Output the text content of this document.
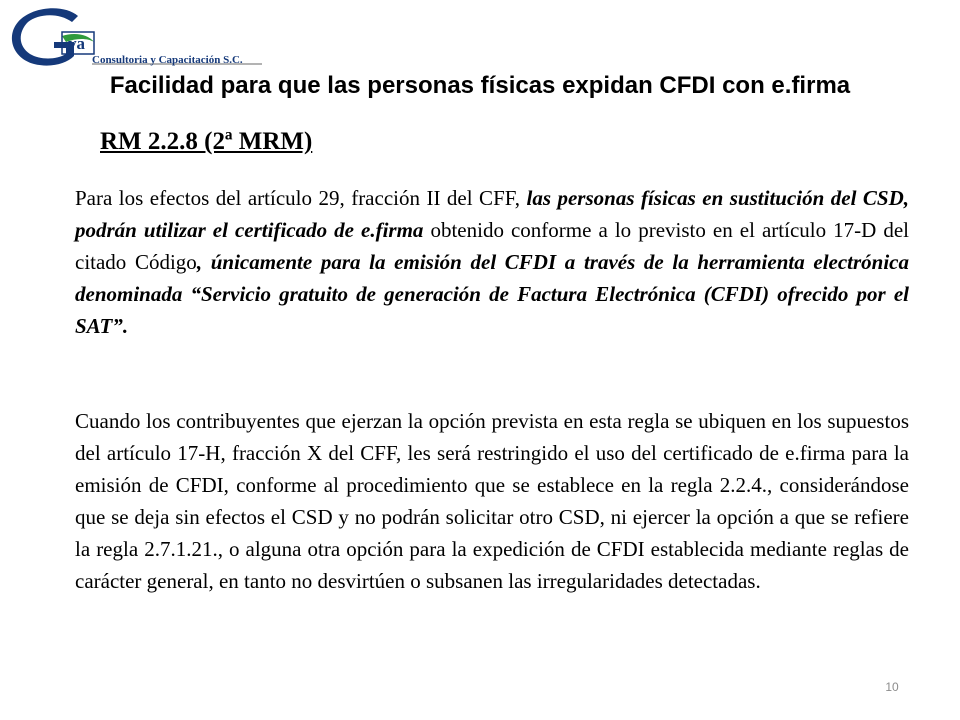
va
Consultoria y Capacitación S.C.
Facilidad para que las personas físicas expidan CFDI con e.firma
RM 2.2.8 (2ª MRM)

Para los efectos del artículo 29, fracción II del CFF, las personas físicas en sustitución del CSD, podrán utilizar el certificado de e.firma obtenido conforme a lo previsto en el artículo 17-D del citado Código, únicamente para la emisión del CFDI a través de la herramienta electrónica denominada “Servicio gratuito de generación de Factura Electrónica (CFDI) ofrecido por el SAT”.

Cuando los contribuyentes que ejerzan la opción prevista en esta regla se ubiquen en los supuestos del artículo 17-H, fracción X del CFF, les será restringido el uso del certificado de e.firma para la emisión de CFDI, conforme al procedimiento que se establece en la regla 2.2.4., considerándose que se deja sin efectos el CSD y no podrán solicitar otro CSD, ni ejercer la opción a que se refiere la regla 2.7.1.21., o alguna otra opción para la expedición de CFDI establecida mediante reglas de carácter general, en tanto no desvirtúen o subsanen las irregularidades detectadas.

10
